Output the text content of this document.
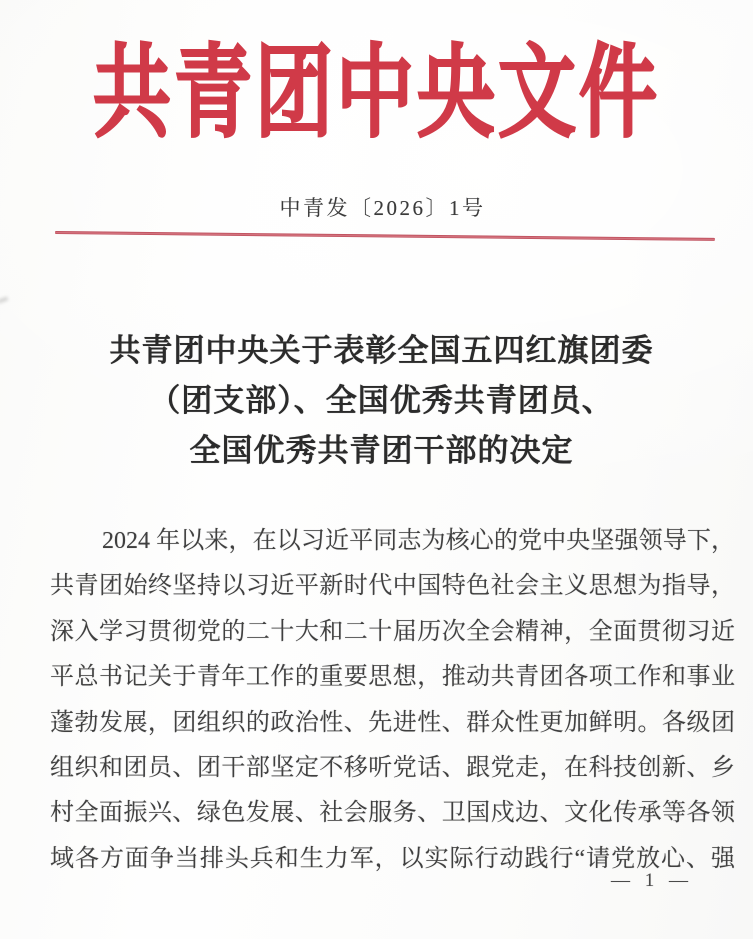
共青团中央文件
中青发〔2026〕1号
共青团中央关于表彰全国五四红旗团委
（团支部）、全国优秀共青团员、
全国优秀共青团干部的决定
2024 年以来，在以习近平同志为核心的党中央坚强领导下，
共青团始终坚持以习近平新时代中国特色社会主义思想为指导，
深入学习贯彻党的二十大和二十届历次全会精神，全面贯彻习近
平总书记关于青年工作的重要思想，推动共青团各项工作和事业
蓬勃发展，团组织的政治性、先进性、群众性更加鲜明。各级团
组织和团员、团干部坚定不移听党话、跟党走，在科技创新、乡
村全面振兴、绿色发展、社会服务、卫国戍边、文化传承等各领
域各方面争当排头兵和生力军，以实际行动践行“请党放心、强
— 1 —
